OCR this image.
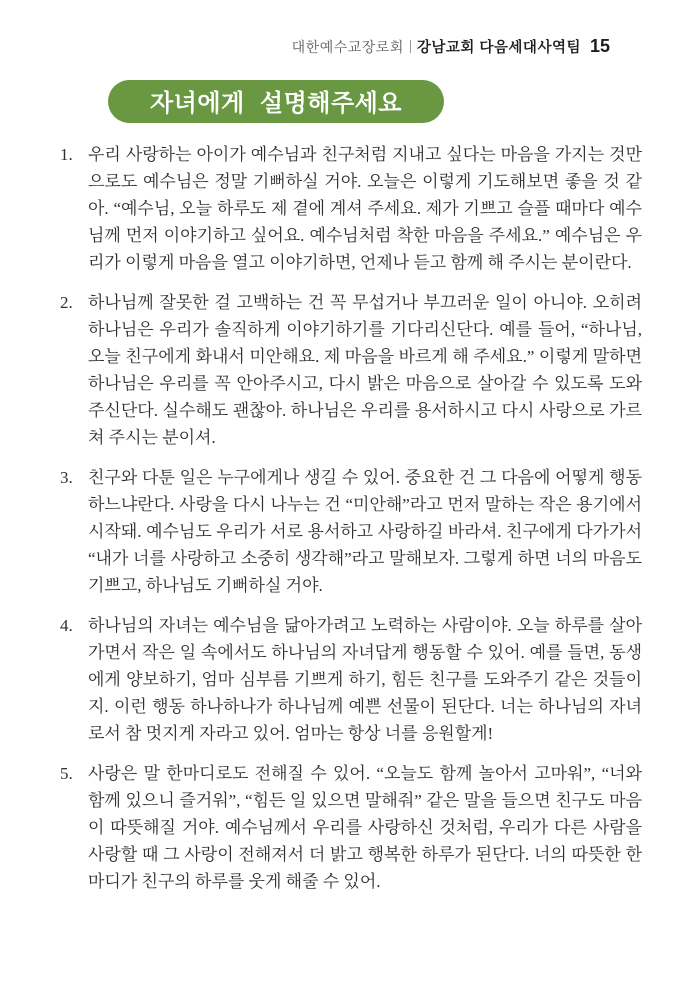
대한예수교장로회 강남교회 다음세대사역팀 15
자녀에게 설명해주세요
1. 우리 사랑하는 아이가 예수님과 친구처럼 지내고 싶다는 마음을 가지는 것만으로도 예수님은 정말 기뻐하실 거야. 오늘은 이렇게 기도해보면 좋을 것 같아. “예수님, 오늘 하루도 제 곁에 계셔 주세요. 제가 기쁘고 슬플 때마다 예수님께 먼저 이야기하고 싶어요. 예수님처럼 착한 마음을 주세요.” 예수님은 우리가 이렇게 마음을 열고 이야기하면, 언제나 듣고 함께 해 주시는 분이란다.
2. 하나님께 잘못한 걸 고백하는 건 꼭 무섭거나 부끄러운 일이 아니야. 오히려 하나님은 우리가 솔직하게 이야기하기를 기다리신단다. 예를 들어, “하나님, 오늘 친구에게 화내서 미안해요. 제 마음을 바르게 해 주세요.” 이렇게 말하면 하나님은 우리를 꼭 안아주시고, 다시 밝은 마음으로 살아갈 수 있도록 도와주신단다. 실수해도 괜찮아. 하나님은 우리를 용서하시고 다시 사랑으로 가르쳐 주시는 분이셔.
3. 친구와 다툰 일은 누구에게나 생길 수 있어. 중요한 건 그 다음에 어떻게 행동하느냐란다. 사랑을 다시 나누는 건 “미안해”라고 먼저 말하는 작은 용기에서 시작돼. 예수님도 우리가 서로 용서하고 사랑하길 바라셔. 친구에게 다가가서 “내가 너를 사랑하고 소중히 생각해”라고 말해보자. 그렇게 하면 너의 마음도 기쁘고, 하나님도 기뻐하실 거야.
4. 하나님의 자녀는 예수님을 닮아가려고 노력하는 사람이야. 오늘 하루를 살아가면서 작은 일 속에서도 하나님의 자녀답게 행동할 수 있어. 예를 들면, 동생에게 양보하기, 엄마 심부름 기쁘게 하기, 힘든 친구를 도와주기 같은 것들이지. 이런 행동 하나하나가 하나님께 예쁜 선물이 된단다. 너는 하나님의 자녀로서 참 멋지게 자라고 있어. 엄마는 항상 너를 응원할게!
5. 사랑은 말 한마디로도 전해질 수 있어. “오늘도 함께 놀아서 고마워”, “너와 함께 있으니 즐거워”, “힘든 일 있으면 말해줘” 같은 말을 들으면 친구도 마음이 따뜻해질 거야. 예수님께서 우리를 사랑하신 것처럼, 우리가 다른 사람을 사랑할 때 그 사랑이 전해져서 더 밝고 행복한 하루가 된단다. 너의 따뜻한 한 마디가 친구의 하루를 웃게 해줄 수 있어.
